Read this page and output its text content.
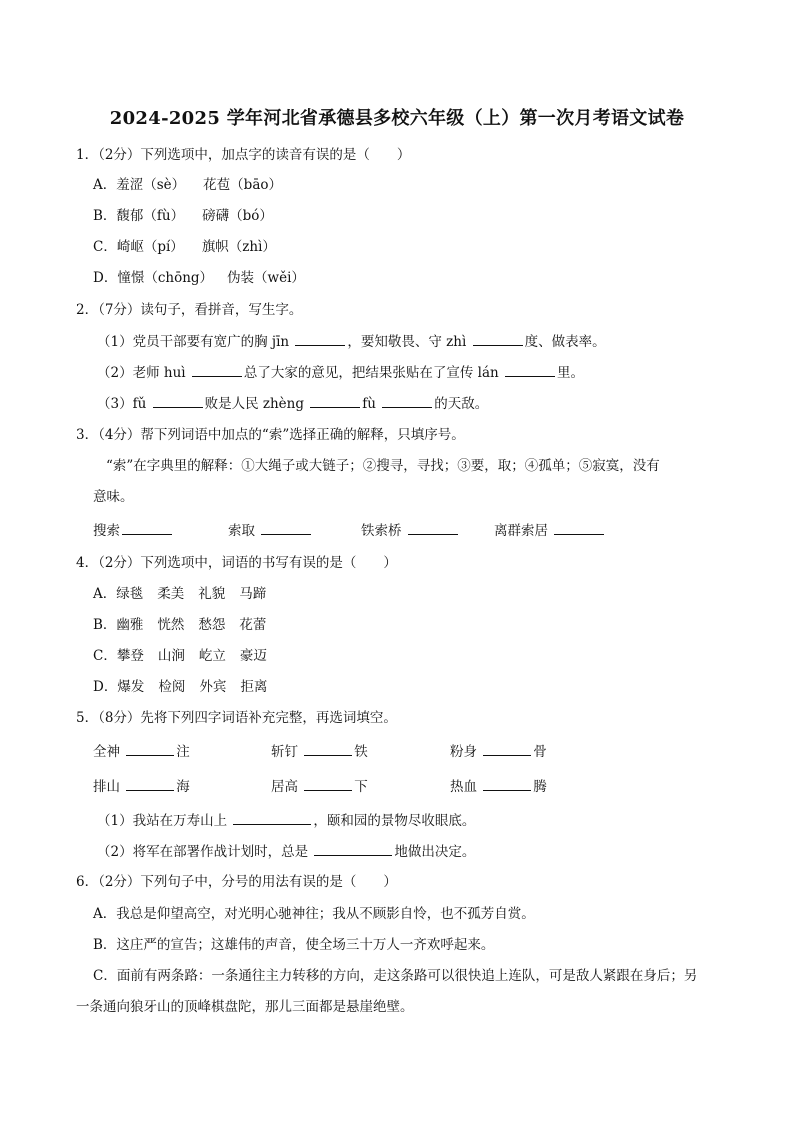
2024-2025 学年河北省承德县多校六年级（上）第一次月考语文试卷
1．（2分）下列选项中，加点字的读音有误的是（　　）
A．羞涩（sè） 花苞（bāo）
B．馥郁（fù） 磅礴（bó）
C．崎岖（pí） 旗帜（zhì）
D．憧憬（chōng） 伪装（wěi）
2．（7分）读句子，看拼音，写生字。
（1）党员干部要有宽广的胸 jīn	，要知敬畏、守 zhì	度、做表率。
（2）老师 huì	总了大家的意见，把结果张贴在了宣传 lán	里。
（3）fǔ	败是人民 zhèng	fù	的天敌。
3．（4分）帮下列词语中加点的“索”选择正确的解释，只填序号。
“索”在字典里的解释：①大绳子或大链子；②搜寻，寻找；③要，取；④孤单；⑤寂寞，没有
意味。
搜索	索取	铁索桥	离群索居
4．（2分）下列选项中，词语的书写有误的是（　　）
A．绿毯 柔美 礼貌 马蹄
B．幽雅 恍然 愁怨 花蕾
C．攀登 山涧 屹立 豪迈
D．爆发 检阅 外宾 拒离
5．（8分）先将下列四字词语补充完整，再选词填空。
全神	注	斩钉	铁	粉身	骨
排山	海	居高	下	热血	腾
（1）我站在万寿山上	，颐和园的景物尽收眼底。
（2）将军在部署作战计划时，总是	地做出决定。
6．（2分）下列句子中，分号的用法有误的是（　　）
A．我总是仰望高空，对光明心驰神往；我从不顾影自怜，也不孤芳自赏。
B．这庄严的宣告；这雄伟的声音，使全场三十万人一齐欢呼起来。
C．面前有两条路：一条通往主力转移的方向，走这条路可以很快追上连队，可是敌人紧跟在身后；另
一条通向狼牙山的顶峰棋盘陀，那儿三面都是悬崖绝壁。
